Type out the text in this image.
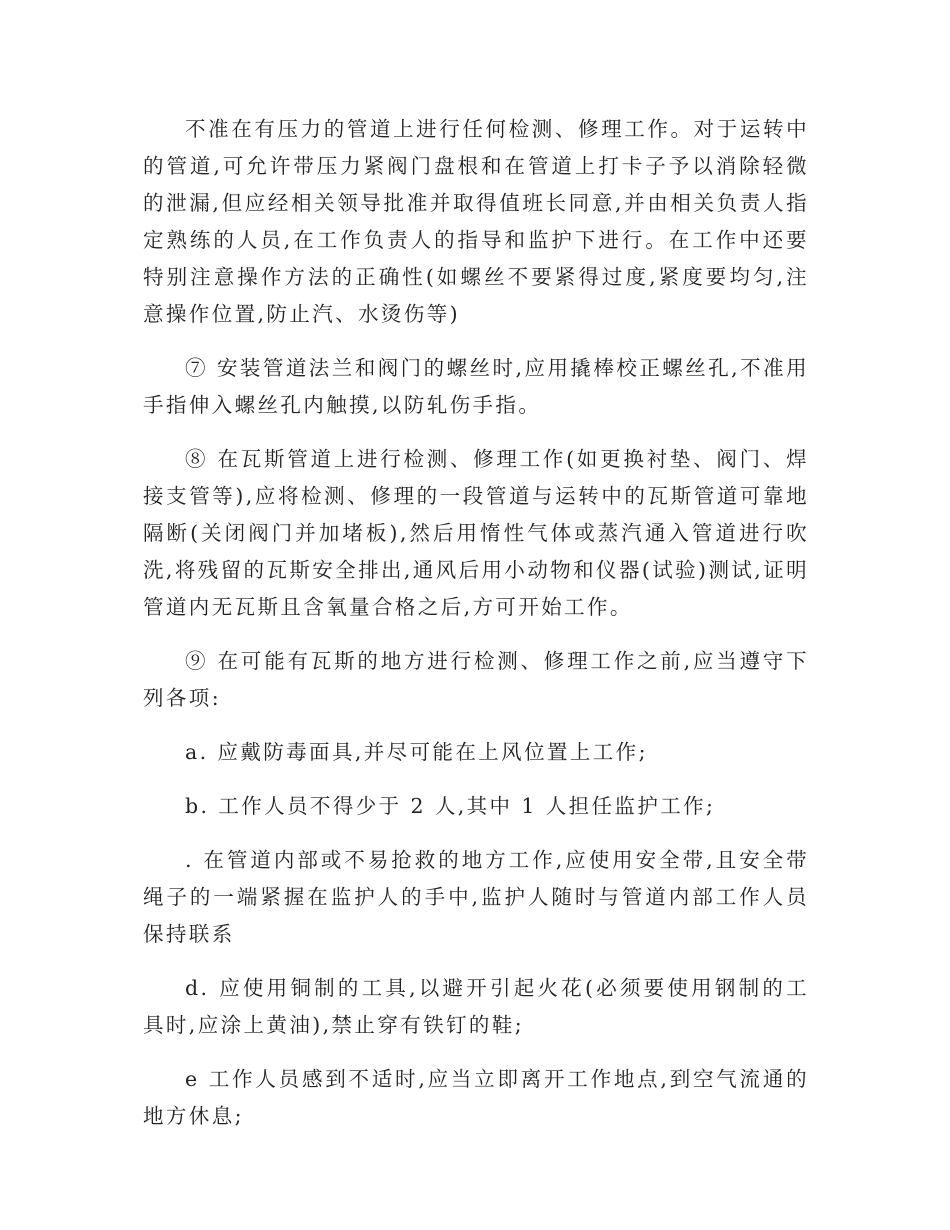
不准在有压力的管道上进行任何检测、修理工作。对于运转中的管道,可允许带压力紧阀门盘根和在管道上打卡子予以消除轻微的泄漏,但应经相关领导批准并取得值班长同意,并由相关负责人指定熟练的人员,在工作负责人的指导和监护下进行。在工作中还要特别注意操作方法的正确性(如螺丝不要紧得过度,紧度要均匀,注意操作位置,防止汽、水烫伤等)

⑦ 安装管道法兰和阀门的螺丝时,应用撬棒校正螺丝孔,不准用手指伸入螺丝孔内触摸,以防轧伤手指。

⑧ 在瓦斯管道上进行检测、修理工作(如更换衬垫、阀门、焊接支管等),应将检测、修理的一段管道与运转中的瓦斯管道可靠地隔断(关闭阀门并加堵板),然后用惰性气体或蒸汽通入管道进行吹洗,将残留的瓦斯安全排出,通风后用小动物和仪器(试验)测试,证明管道内无瓦斯且含氧量合格之后,方可开始工作。

⑨ 在可能有瓦斯的地方进行检测、修理工作之前,应当遵守下列各项:

a. 应戴防毒面具,并尽可能在上风位置上工作;

b. 工作人员不得少于 2 人,其中 1 人担任监护工作;

. 在管道内部或不易抢救的地方工作,应使用安全带,且安全带绳子的一端紧握在监护人的手中,监护人随时与管道内部工作人员保持联系

d. 应使用铜制的工具,以避开引起火花(必须要使用钢制的工具时,应涂上黄油),禁止穿有铁钉的鞋;

e 工作人员感到不适时,应当立即离开工作地点,到空气流通的地方休息;
